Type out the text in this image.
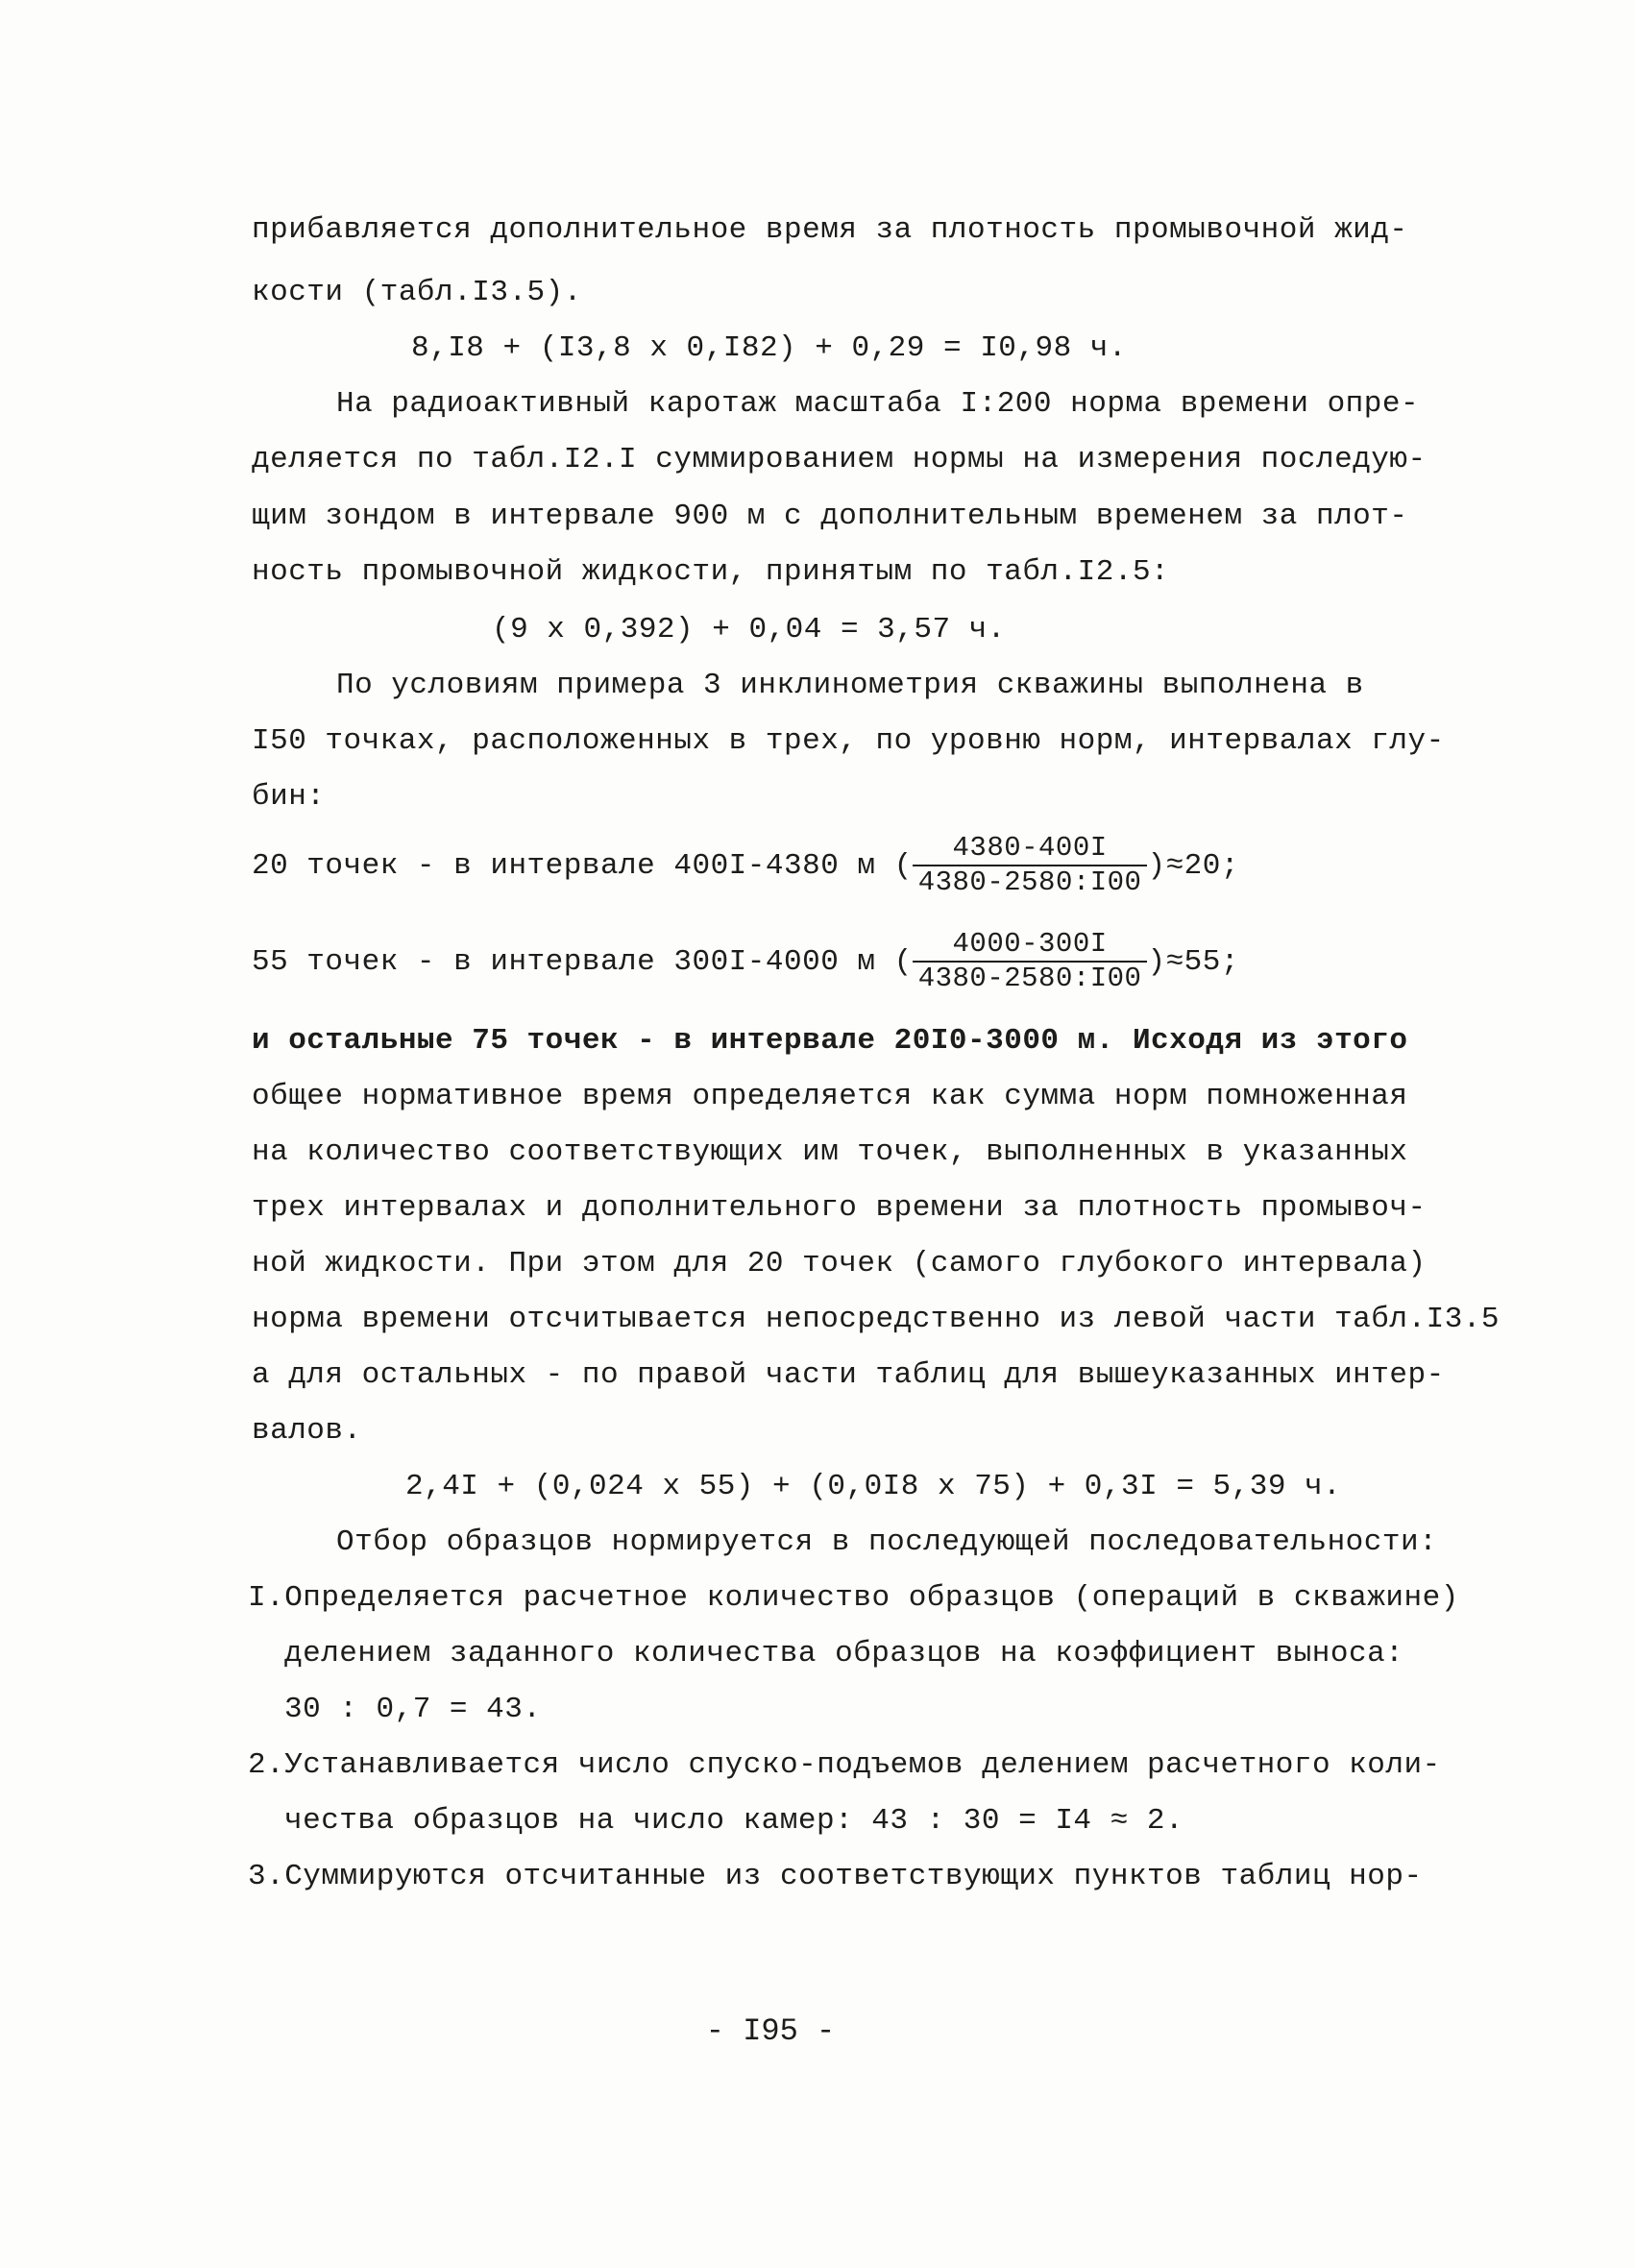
прибавляется дополнительное время за плотность промывочной жид-
кости (табл.I3.5).
8,I8 + (I3,8 x 0,I82) + 0,29 = I0,98 ч.
На радиоактивный каротаж масштаба I:200 норма времени опре-
деляется по табл.I2.I суммированием нормы на измерения последую-
щим зондом в интервале 900 м с дополнительным временем за плот-
ность промывочной жидкости, принятым по табл.I2.5:
(9 x 0,392) + 0,04 = 3,57 ч.
По условиям примера 3 инклинометрия скважины выполнена в
I50 точках, расположенных в трех, по уровню норм, интервалах глу-
бин:
20 точек - в интервале 400I-4380 м ( $\frac{4380-400I}{4380-2580:I00} )\approx 20$;
55 точек - в интервале 300I-4000 м ( $\frac{4000-300I}{4380-2580:I00} )\approx 55$;
и остальные 75 точек - в интервале 20I0-3000 м. Исходя из этого
общее нормативное время определяется как сумма норм помноженная
на количество соответствующих им точек, выполненных в указанных
трех интервалах и дополнительного времени за плотность промывоч-
ной жидкости. При этом для 20 точек (самого глубокого интервала)
норма времени отсчитывается непосредственно из левой части табл.I3.5
а для остальных - по правой части таблиц для вышеуказанных интер-
валов.
2,4I + (0,024 x 55) + (0,0I8 x 75) + 0,3I = 5,39 ч.
Отбор образцов нормируется в последующей последовательности:
I.Определяется расчетное количество образцов (операций в скважине)
делением заданного количества образцов на коэффициент выноса:
30 : 0,7 = 43.
2.Устанавливается число спуско-подъемов делением расчетного коли-
чества образцов на число камер: 43 : 30 = I4 ≈ 2.
3.Суммируются отсчитанные из соответствующих пунктов таблиц нор-
- I95 -
